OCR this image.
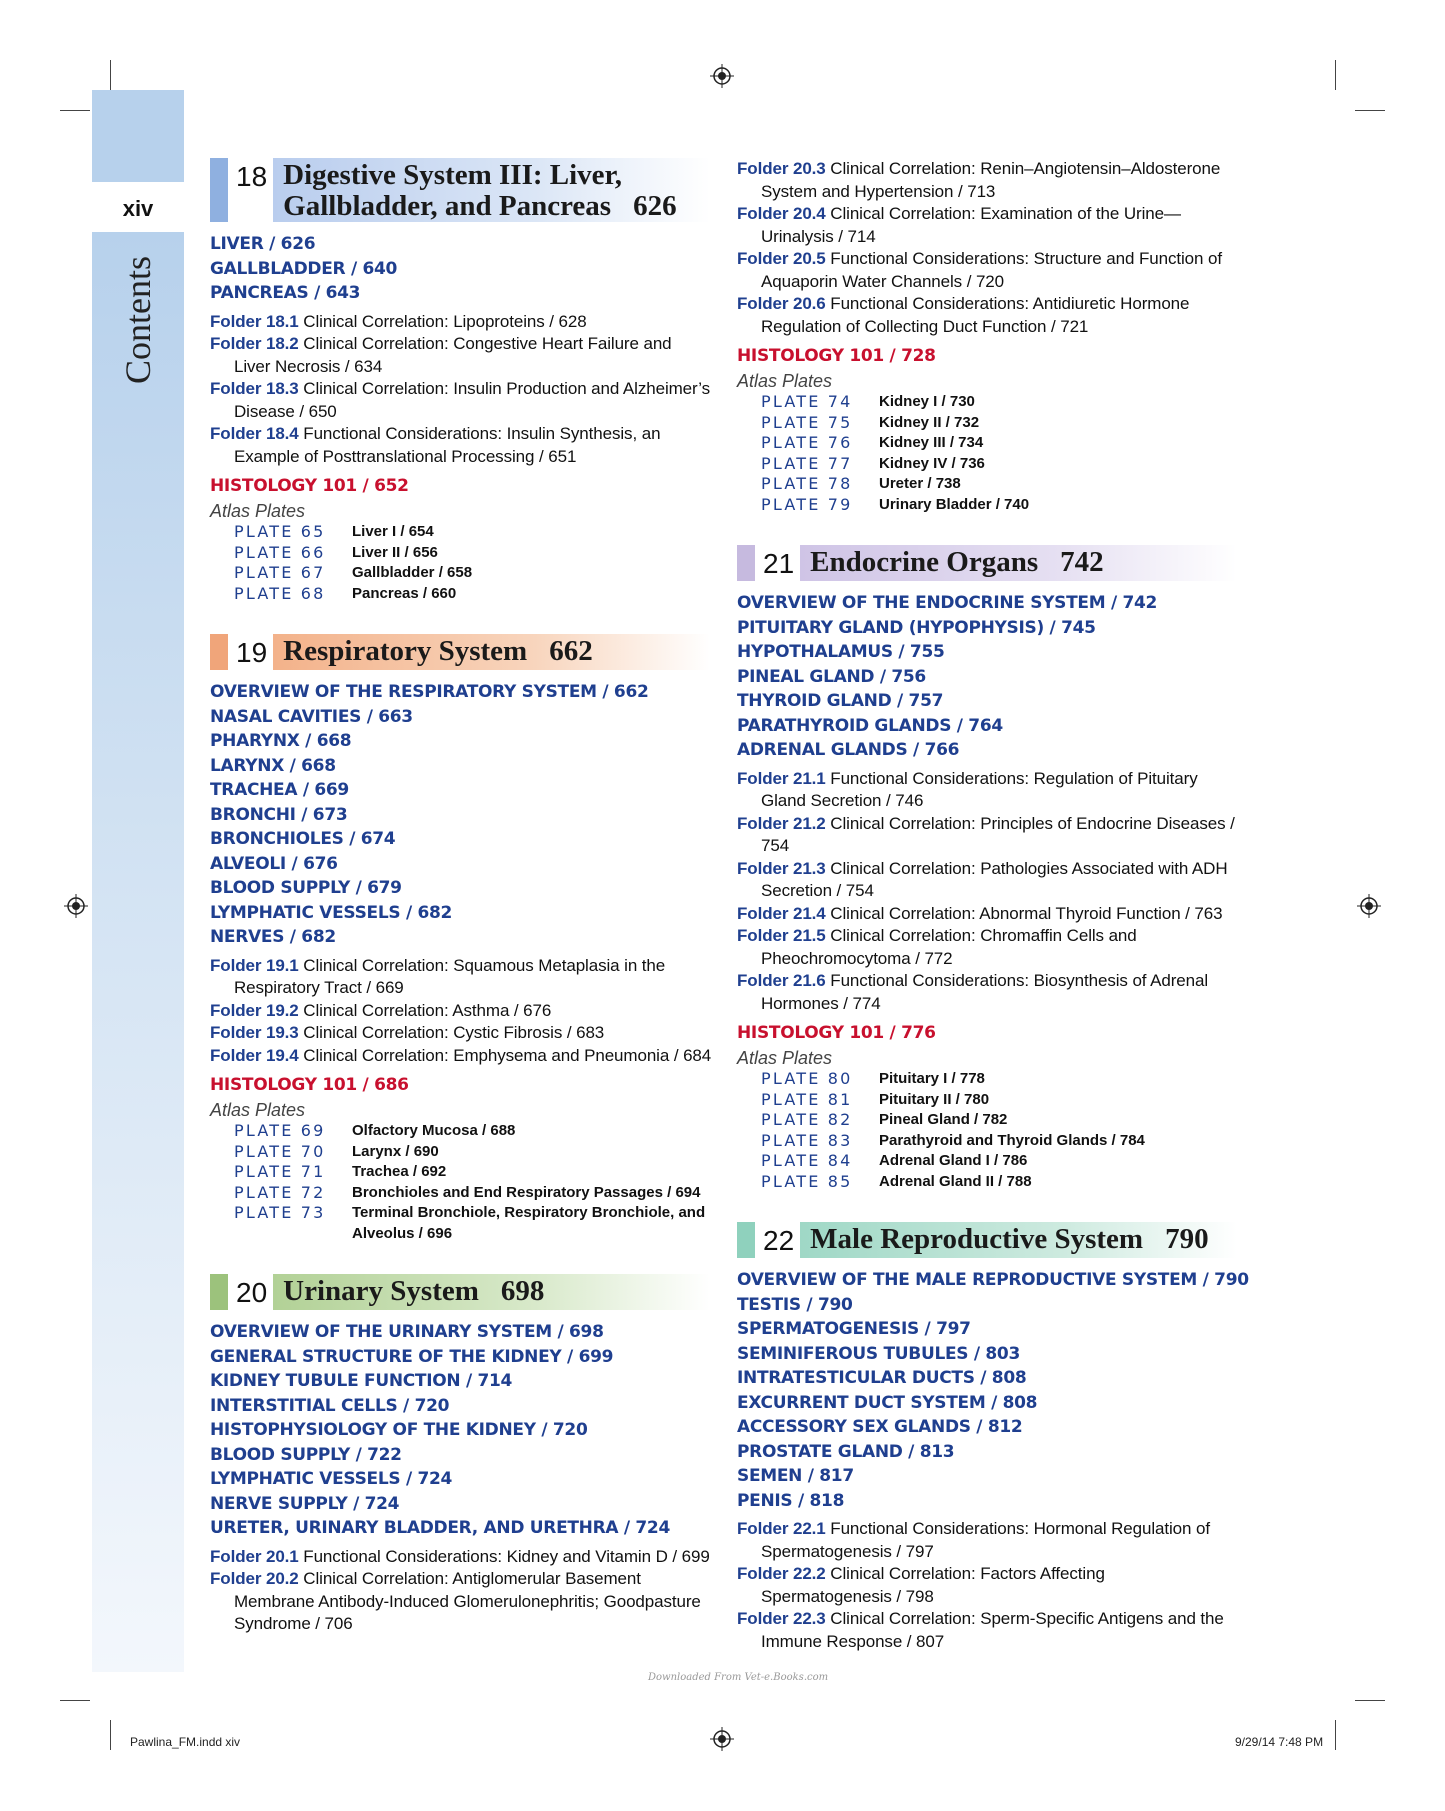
xiv
Contents
18 Digestive System III: Liver,
Gallbladder, and Pancreas 626
LIVER / 626
GALLBLADDER / 640
PANCREAS / 643
Folder 18.1 Clinical Correlation: Lipoproteins / 628
Folder 18.2 Clinical Correlation: Congestive Heart Failure and Liver Necrosis / 634
Folder 18.3 Clinical Correlation: Insulin Production and Alzheimer’s Disease / 650
Folder 18.4 Functional Considerations: Insulin Synthesis, an Example of Posttranslational Processing / 651
HISTOLOGY 101 / 652
Atlas Plates
PLATE 65	Liver I / 654
PLATE 66	Liver II / 656
PLATE 67	Gallbladder / 658
PLATE 68	Pancreas / 660
19 Respiratory System 662
OVERVIEW OF THE RESPIRATORY SYSTEM / 662
NASAL CAVITIES / 663
PHARYNX / 668
LARYNX / 668
TRACHEA / 669
BRONCHI / 673
BRONCHIOLES / 674
ALVEOLI / 676
BLOOD SUPPLY / 679
LYMPHATIC VESSELS / 682
NERVES / 682
Folder 19.1 Clinical Correlation: Squamous Metaplasia in the Respiratory Tract / 669
Folder 19.2 Clinical Correlation: Asthma / 676
Folder 19.3 Clinical Correlation: Cystic Fibrosis / 683
Folder 19.4 Clinical Correlation: Emphysema and Pneumonia / 684
HISTOLOGY 101 / 686
Atlas Plates
PLATE 69	Olfactory Mucosa / 688
PLATE 70	Larynx / 690
PLATE 71	Trachea / 692
PLATE 72	Bronchioles and End Respiratory Passages / 694
PLATE 73	Terminal Bronchiole, Respiratory Bronchiole, and Alveolus / 696
20 Urinary System 698
OVERVIEW OF THE URINARY SYSTEM / 698
GENERAL STRUCTURE OF THE KIDNEY / 699
KIDNEY TUBULE FUNCTION / 714
INTERSTITIAL CELLS / 720
HISTOPHYSIOLOGY OF THE KIDNEY / 720
BLOOD SUPPLY / 722
LYMPHATIC VESSELS / 724
NERVE SUPPLY / 724
URETER, URINARY BLADDER, AND URETHRA / 724
Folder 20.1 Functional Considerations: Kidney and Vitamin D / 699
Folder 20.2 Clinical Correlation: Antiglomerular Basement Membrane Antibody-Induced Glomerulonephritis; Goodpasture Syndrome / 706
Folder 20.3 Clinical Correlation: Renin–Angiotensin–Aldosterone System and Hypertension / 713
Folder 20.4 Clinical Correlation: Examination of the Urine—Urinalysis / 714
Folder 20.5 Functional Considerations: Structure and Function of Aquaporin Water Channels / 720
Folder 20.6 Functional Considerations: Antidiuretic Hormone Regulation of Collecting Duct Function / 721
HISTOLOGY 101 / 728
Atlas Plates
PLATE 74	Kidney I / 730
PLATE 75	Kidney II / 732
PLATE 76	Kidney III / 734
PLATE 77	Kidney IV / 736
PLATE 78	Ureter / 738
PLATE 79	Urinary Bladder / 740
21 Endocrine Organs 742
OVERVIEW OF THE ENDOCRINE SYSTEM / 742
PITUITARY GLAND (HYPOPHYSIS) / 745
HYPOTHALAMUS / 755
PINEAL GLAND / 756
THYROID GLAND / 757
PARATHYROID GLANDS / 764
ADRENAL GLANDS / 766
Folder 21.1 Functional Considerations: Regulation of Pituitary Gland Secretion / 746
Folder 21.2 Clinical Correlation: Principles of Endocrine Diseases / 754
Folder 21.3 Clinical Correlation: Pathologies Associated with ADH Secretion / 754
Folder 21.4 Clinical Correlation: Abnormal Thyroid Function / 763
Folder 21.5 Clinical Correlation: Chromaffin Cells and Pheochromocytoma / 772
Folder 21.6 Functional Considerations: Biosynthesis of Adrenal Hormones / 774
HISTOLOGY 101 / 776
Atlas Plates
PLATE 80	Pituitary I / 778
PLATE 81	Pituitary II / 780
PLATE 82	Pineal Gland / 782
PLATE 83	Parathyroid and Thyroid Glands / 784
PLATE 84	Adrenal Gland I / 786
PLATE 85	Adrenal Gland II / 788
22 Male Reproductive System 790
OVERVIEW OF THE MALE REPRODUCTIVE SYSTEM / 790
TESTIS / 790
SPERMATOGENESIS / 797
SEMINIFEROUS TUBULES / 803
INTRATESTICULAR DUCTS / 808
EXCURRENT DUCT SYSTEM / 808
ACCESSORY SEX GLANDS / 812
PROSTATE GLAND / 813
SEMEN / 817
PENIS / 818
Folder 22.1 Functional Considerations: Hormonal Regulation of Spermatogenesis / 797
Folder 22.2 Clinical Correlation: Factors Affecting Spermatogenesis / 798
Folder 22.3 Clinical Correlation: Sperm-Specific Antigens and the Immune Response / 807
Downloaded From Vet-e.Books.com
Pawlina_FM.indd xiv	9/29/14 7:48 PM
